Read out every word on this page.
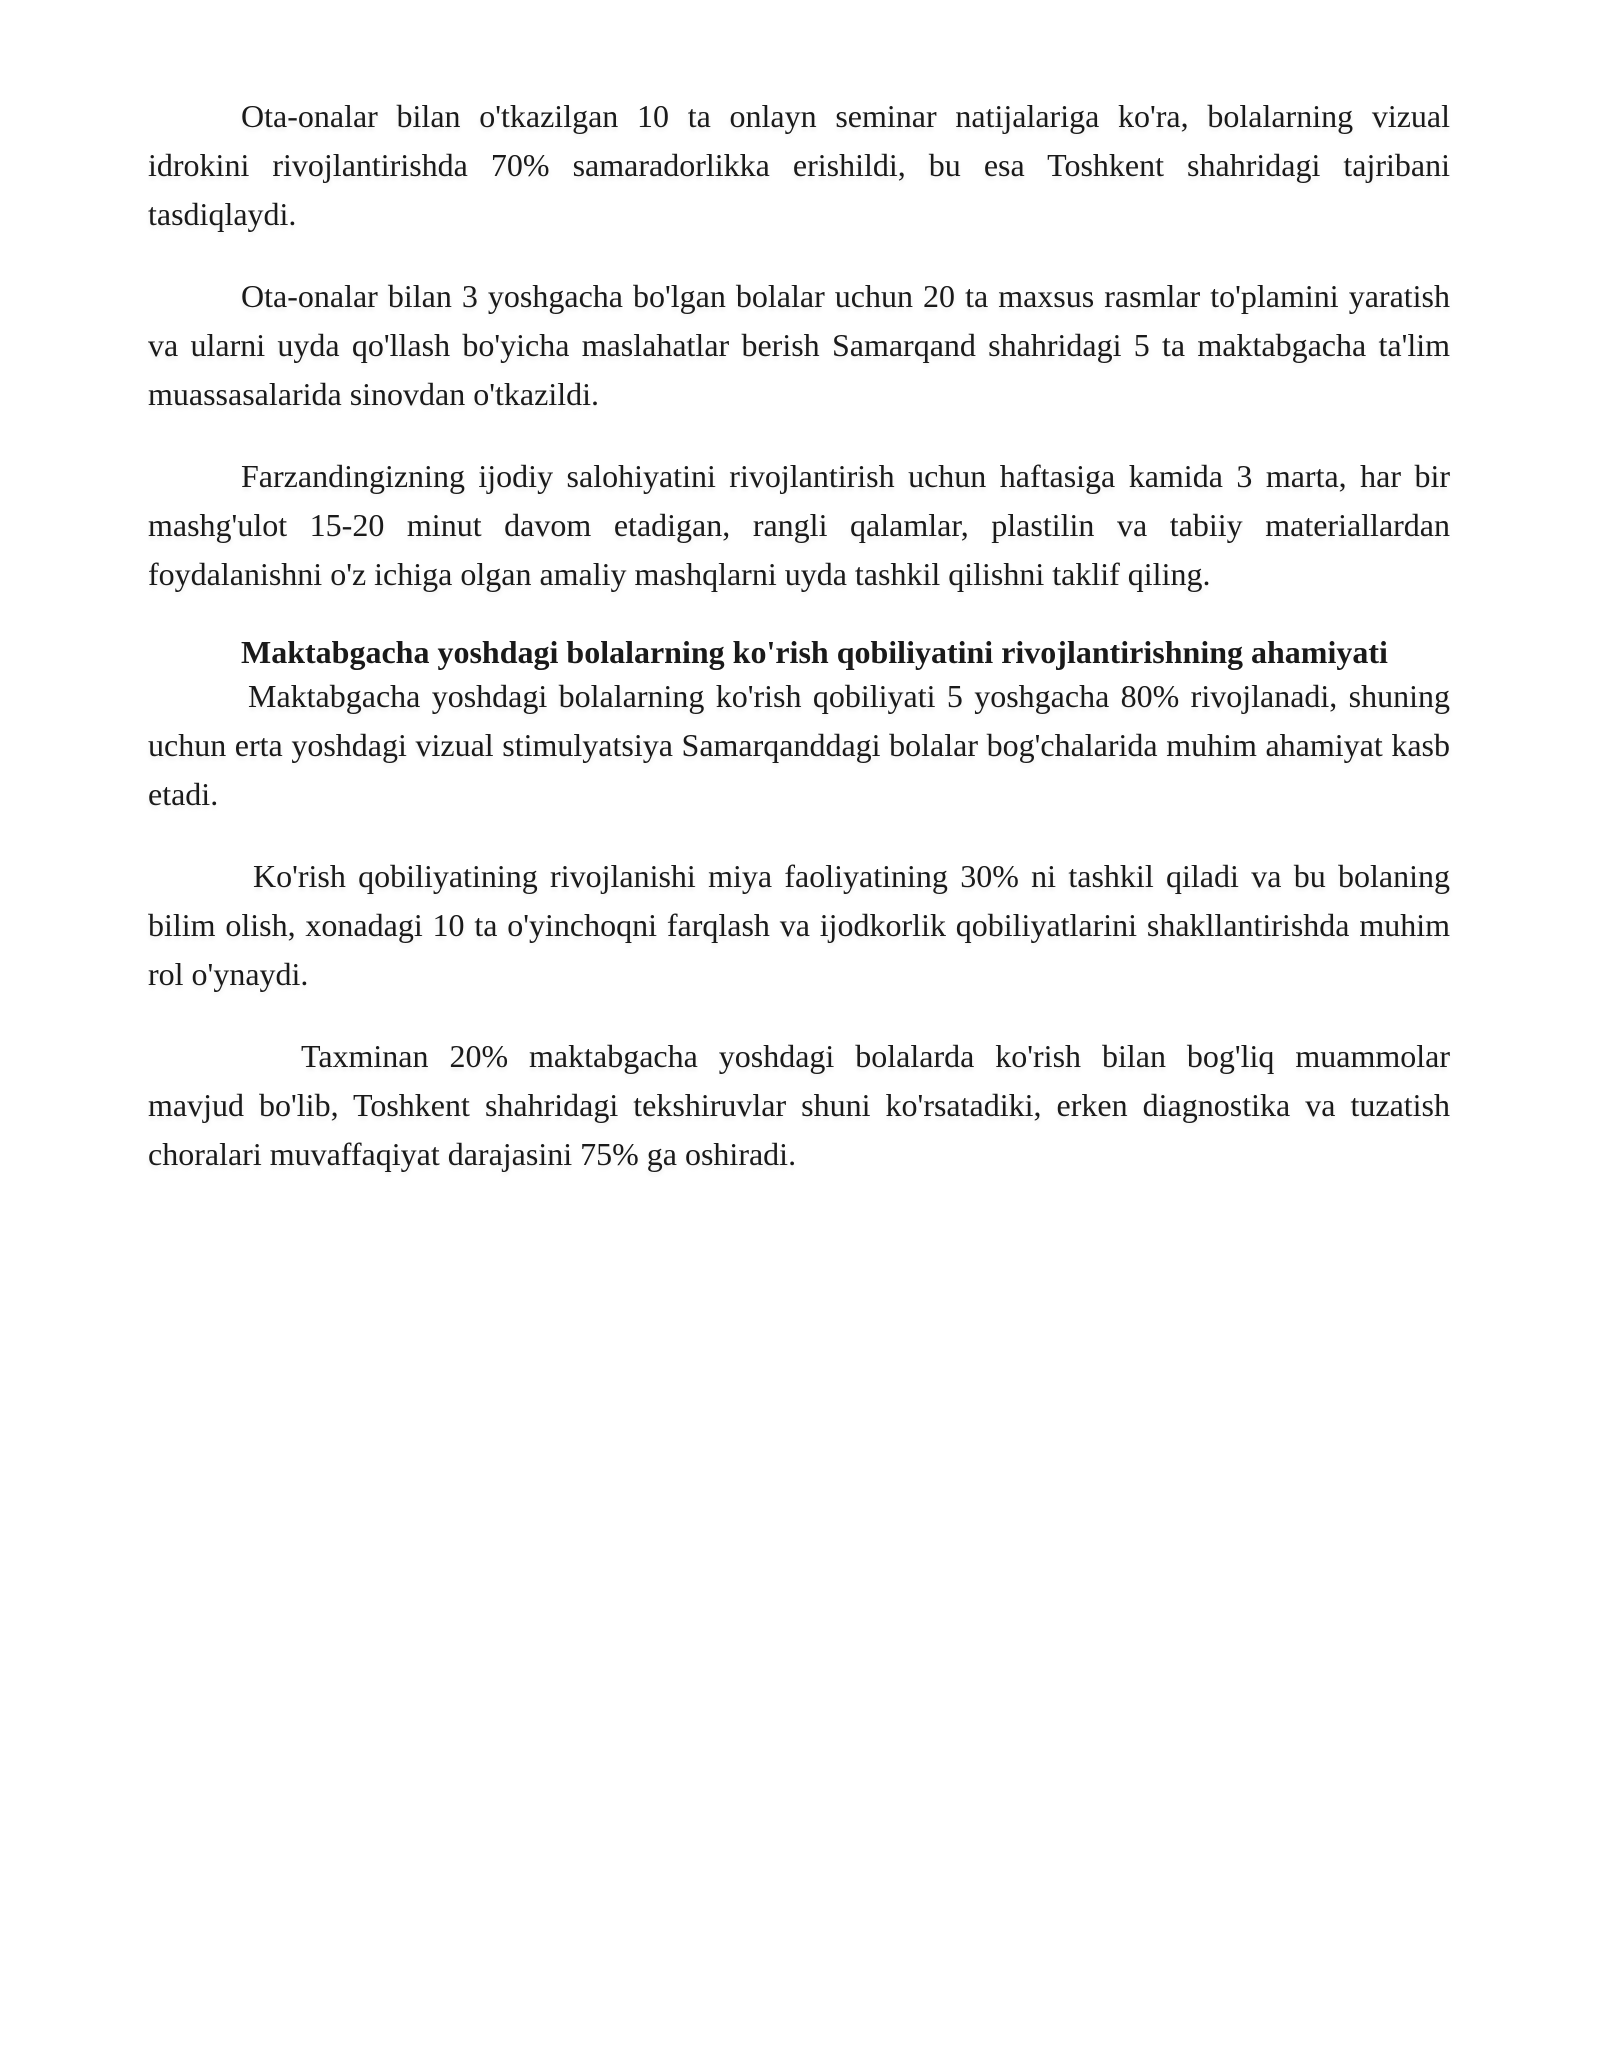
Ota-onalar bilan o'tkazilgan 10 ta onlayn seminar natijalariga ko'ra, bolalarning vizual idrokini rivojlantirishda 70% samaradorlikka erishildi, bu esa Toshkent shahridagi tajribani tasdiqlaydi.

Ota-onalar bilan 3 yoshgacha bo'lgan bolalar uchun 20 ta maxsus rasmlar to'plamini yaratish va ularni uyda qo'llash bo'yicha maslahatlar berish Samarqand shahridagi 5 ta maktabgacha ta'lim muassasalarida sinovdan o'tkazildi.

Farzandingizning ijodiy salohiyatini rivojlantirish uchun haftasiga kamida 3 marta, har bir mashg'ulot 15-20 minut davom etadigan, rangli qalamlar, plastilin va tabiiy materiallardan foydalanishni o'z ichiga olgan amaliy mashqlarni uyda tashkil qilishni taklif qiling.

Maktabgacha yoshdagi bolalarning ko'rish qobiliyatini rivojlantirishning ahamiyati

Maktabgacha yoshdagi bolalarning ko'rish qobiliyati 5 yoshgacha 80% rivojlanadi, shuning uchun erta yoshdagi vizual stimulyatsiya Samarqanddagi bolalar bog'chalarida muhim ahamiyat kasb etadi.

Ko'rish qobiliyatining rivojlanishi miya faoliyatining 30% ni tashkil qiladi va bu bolaning bilim olish, xonadagi 10 ta o'yinchoqni farqlash va ijodkorlik qobiliyatlarini shakllantirishda muhim rol o'ynaydi.

Taxminan 20% maktabgacha yoshdagi bolalarda ko'rish bilan bog'liq muammolar mavjud bo'lib, Toshkent shahridagi tekshiruvlar shuni ko'rsatadiki, erken diagnostika va tuzatish choralari muvaffaqiyat darajasini 75% ga oshiradi.
